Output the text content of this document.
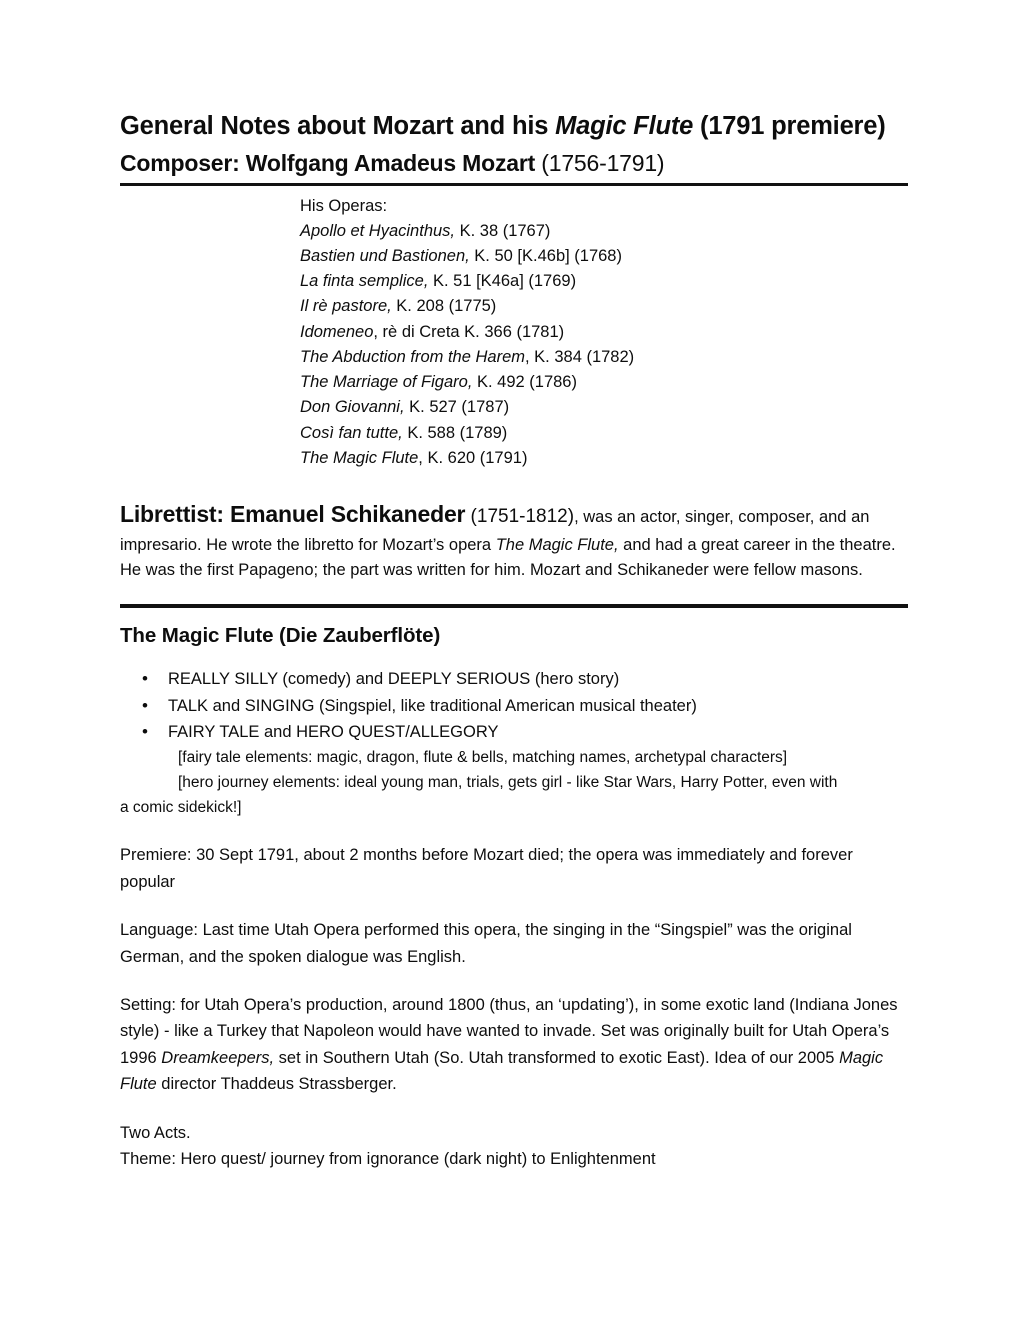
General Notes about Mozart and his Magic Flute (1791 premiere)
Composer: Wolfgang Amadeus Mozart (1756-1791)
His Operas:
Apollo et Hyacinthus, K. 38 (1767)
Bastien und Bastionen, K. 50 [K.46b] (1768)
La finta semplice, K. 51 [K46a] (1769)
Il rè pastore, K. 208 (1775)
Idomeneo, rè di Creta K. 366 (1781)
The Abduction from the Harem, K. 384 (1782)
The Marriage of Figaro, K. 492 (1786)
Don Giovanni, K. 527 (1787)
Così fan tutte, K. 588 (1789)
The Magic Flute, K. 620 (1791)
Librettist: Emanuel Schikaneder (1751-1812), was an actor, singer, composer, and an impresario. He wrote the libretto for Mozart’s opera The Magic Flute, and had a great career in the theatre. He was the first Papageno; the part was written for him. Mozart and Schikaneder were fellow masons.
The Magic Flute (Die Zauberflöte)
• REALLY SILLY (comedy) and DEEPLY SERIOUS (hero story)
• TALK and SINGING (Singspiel, like traditional American musical theater)
• FAIRY TALE and HERO QUEST/ALLEGORY
[fairy tale elements: magic, dragon, flute & bells, matching names, archetypal characters]
[hero journey elements: ideal young man, trials, gets girl - like Star Wars, Harry Potter, even with
a comic sidekick!]

Premiere: 30 Sept 1791, about 2 months before Mozart died; the opera was immediately and forever popular

Language: Last time Utah Opera performed this opera, the singing in the “Singspiel” was the original German, and the spoken dialogue was English.

Setting: for Utah Opera’s production, around 1800 (thus, an ‘updating’), in some exotic land (Indiana Jones style) - like a Turkey that Napoleon would have wanted to invade. Set was originally built for Utah Opera’s 1996 Dreamkeepers, set in Southern Utah (So. Utah transformed to exotic East). Idea of our 2005 Magic Flute director Thaddeus Strassberger.

Two Acts.
Theme: Hero quest/ journey from ignorance (dark night) to Enlightenment
